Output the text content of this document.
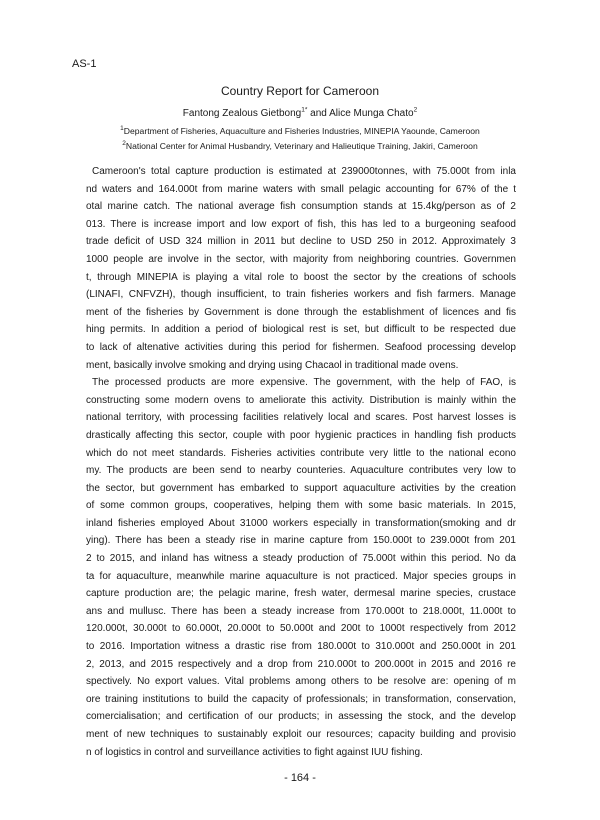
AS-1
Country Report for Cameroon
Fantong Zealous Gietbong$^{1*}$ and Alice Munga Chato$^2$
$^1$Department of Fisheries, Aquaculture and Fisheries Industries, MINEPIA Yaounde, Cameroon
$^2$National Center for Animal Husbandry, Veterinary and Halieutique Training, Jakiri, Cameroon
Cameroon's total capture production is estimated at 239000tonnes, with 75.000t from inla
nd waters and 164.000t from marine waters with small pelagic accounting for 67% of the t
otal marine catch. The national average fish consumption stands at 15.4kg/person as of 2
013. There is increase import and low export of fish, this has led to a burgeoning seafood
trade deficit of USD 324 million in 2011 but decline to USD 250 in 2012. Approximately 3
1000 people are involve in the sector, with majority from neighboring countries. Governmen
t, through MINEPIA is playing a vital role to boost the sector by the creations of schools
(LINAFI, CNFVZH), though insufficient, to train fisheries workers and fish farmers. Manage
ment of the fisheries by Government is done through the establishment of licences and fis
hing permits. In addition a period of biological rest is set, but difficult to be respected due
to lack of altenative activities during this period for fishermen. Seafood processing develop
ment, basically involve smoking and drying using Chacaol in traditional made ovens.
The processed products are more expensive. The government, with the help of FAO, is
constructing some modern ovens to ameliorate this activity. Distribution is mainly within the
national territory, with processing facilities relatively local and scares. Post harvest losses is
drastically affecting this sector, couple with poor hygienic practices in handling fish products
which do not meet standards. Fisheries activities contribute very little to the national econo
my. The products are been send to nearby counteries. Aquaculture contributes very low to
the sector, but government has embarked to support aquaculture activities by the creation
of some common groups, cooperatives, helping them with some basic materials. In 2015,
inland fisheries employed About 31000 workers especially in transformation(smoking and dr
ying). There has been a steady rise in marine capture from 150.000t to 239.000t from 201
2 to 2015, and inland has witness a steady production of 75.000t within this period. No da
ta for aquaculture, meanwhile marine aquaculture is not practiced. Major species groups in
capture production are; the pelagic marine, fresh water, dermesal marine species, crustace
ans and mullusc. There has been a steady increase from 170.000t to 218.000t, 11.000t to
120.000t, 30.000t to 60.000t, 20.000t to 50.000t and 200t to 1000t respectively from 2012
to 2016. Importation witness a drastic rise from 180.000t to 310.000t and 250.000t in 201
2, 2013, and 2015 respectively and a drop from 210.000t to 200.000t in 2015 and 2016 re
spectively. No export values. Vital problems among others to be resolve are: opening of m
ore training institutions to build the capacity of professionals; in transformation, conservation,
comercialisation; and certification of our products; in assessing the stock, and the develop
ment of new techniques to sustainably exploit our resources; capacity building and provisio
n of logistics in control and surveillance activities to fight against IUU fishing.
- 164 -
